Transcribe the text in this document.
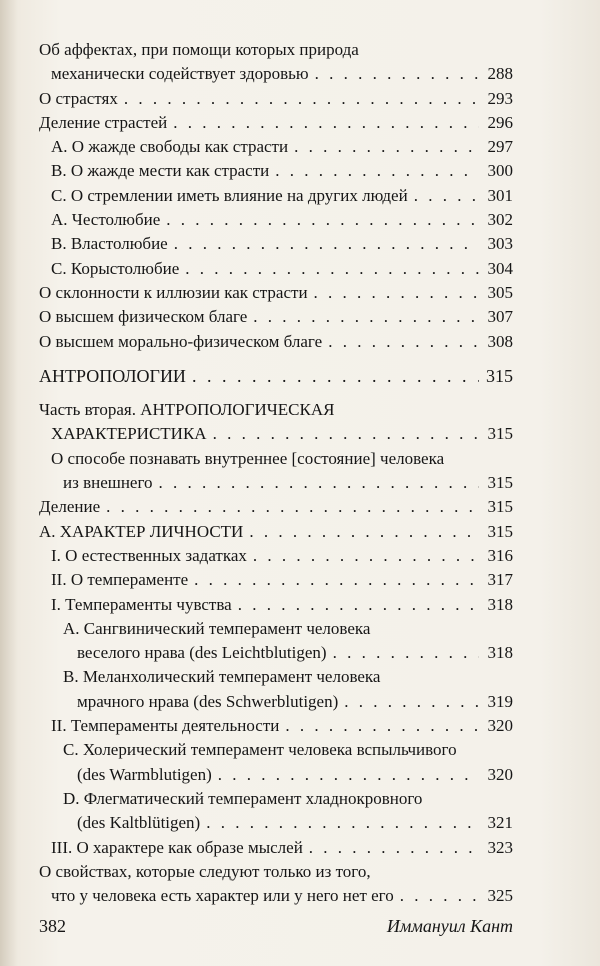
Об аффектах, при помощи которых природа
механически содействует здоровью . . .	288
О страстях . . .	293
Деление страстей . . .	296
А. О жажде свободы как страсти . . .	297
B. О жажде мести как страсти . . .	300
C. О стремлении иметь влияние на других людей . . .	301
А. Честолюбие . . .	302
B. Властолюбие . . .	303
C. Корыстолюбие . . .	304
О склонности к иллюзии как страсти . . .	305
О высшем физическом благе . . .	307
О высшем морально-физическом благе . . .	308
АНТРОПОЛОГИИ . . .	315
Часть вторая. АНТРОПОЛОГИЧЕСКАЯ
ХАРАКТЕРИСТИКА . . .	315
О способе познавать внутреннее [состояние] человека
из внешнего . . .	315
Деление . . .	315
А. ХАРАКТЕР ЛИЧНОСТИ . . .	315
I. О естественных задатках . . .	316
II. О темпераменте . . .	317
I. Темпераменты чувства . . .	318
А. Сангвинический темперамент человека
веселого нрава (des Leichtblutigen) . . .	318
В. Меланхолический темперамент человека
мрачного нрава (des Schwerblutigen) . . .	319
II. Темпераменты деятельности . . .	320
С. Холерический темперамент человека вспыльчивого
(des Warmblutigen) . . .	320
D. Флегматический темперамент хладнокровного
(des Kaltblütigen) . . .	321
III. О характере как образе мыслей . . .	323
О свойствах, которые следуют только из того,
что у человека есть характер или у него нет его . . .	325
382	Иммануил Кант
